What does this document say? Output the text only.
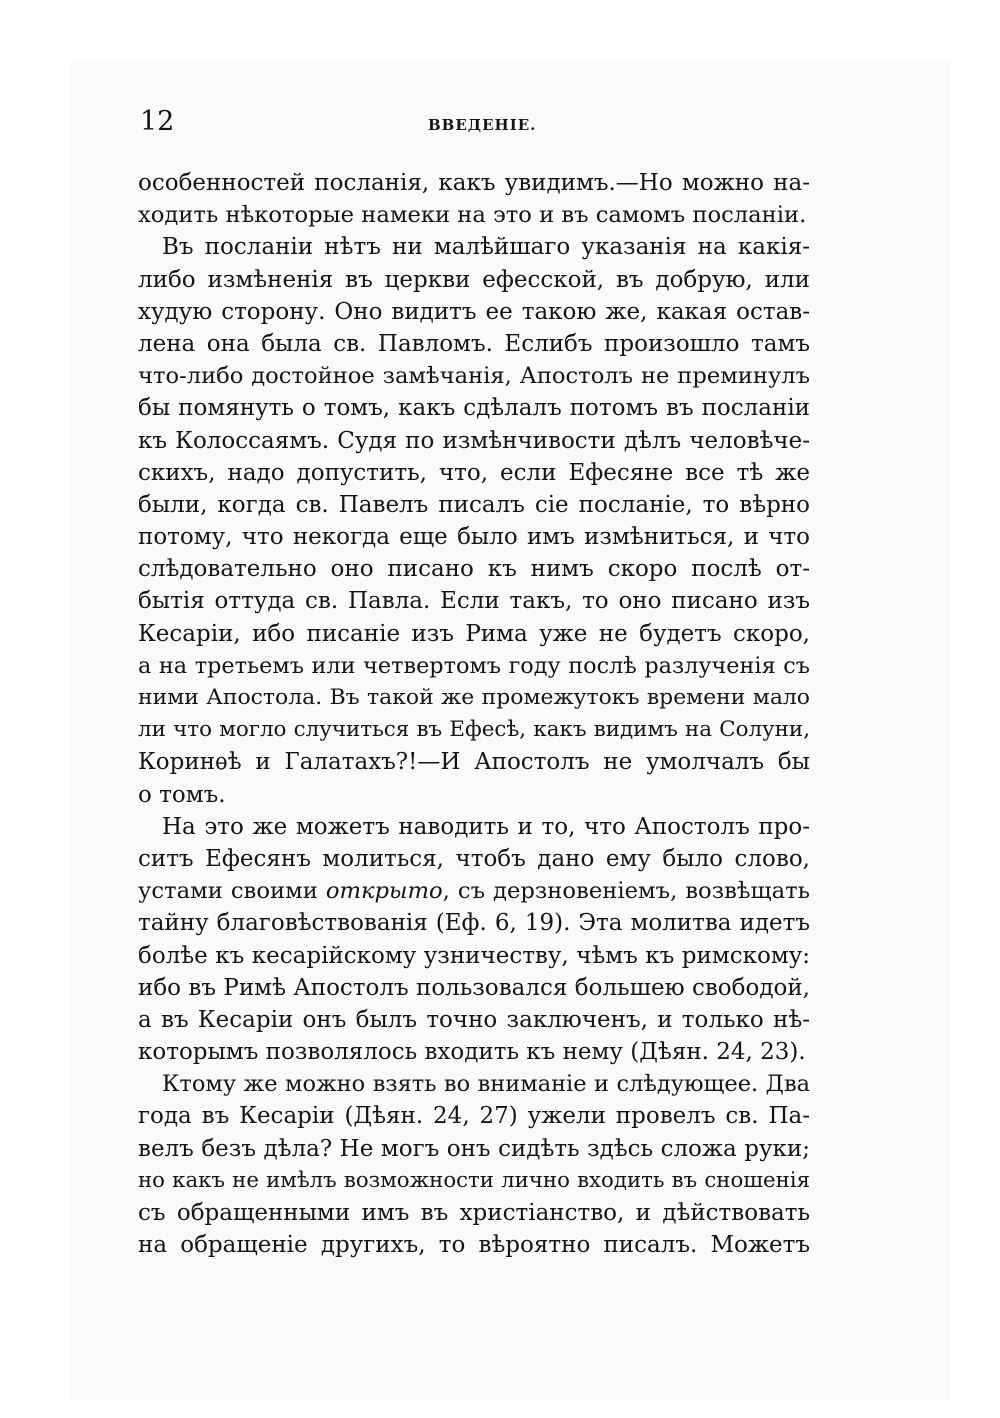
12	ВВЕДЕНІЕ.
особенностей посланія, какъ увидимъ.—Но можно на-
ходить нѣкоторые намеки на это и въ самомъ посланіи.
Въ посланіи нѣтъ ни малѣйшаго указанія на какія-
либо измѣненія въ церкви ефесской, въ добрую, или
худую сторону. Оно видитъ ее такою же, какая остав-
лена она была св. Павломъ. Еслибъ произошло тамъ
что-либо достойное замѣчанія, Апостолъ не преминулъ
бы помянуть о томъ, какъ сдѣлалъ потомъ въ посланіи
къ Колоссаямъ. Судя по измѣнчивости дѣлъ человѣче-
скихъ, надо допустить, что, если Ефесяне все тѣ же
были, когда св. Павелъ писалъ сіе посланіе, то вѣрно
потому, что некогда еще было имъ измѣниться, и что
слѣдовательно оно писано къ нимъ скоро послѣ от-
бытія оттуда св. Павла. Если такъ, то оно писано изъ
Кесаріи, ибо писаніе изъ Рима уже не будетъ скоро,
а на третьемъ или четвертомъ году послѣ разлученія съ
ними Апостола. Въ такой же промежутокъ времени мало
ли что могло случиться въ Ефесѣ, какъ видимъ на Солуни,
Коринѳѣ и Галатахъ?!—И Апостолъ не умолчалъ бы
о томъ.
На это же можетъ наводить и то, что Апостолъ про-
ситъ Ефесянъ молиться, чтобъ дано ему было слово,
устами своими открыто, съ дерзновеніемъ, возвѣщать
тайну благовѣствованія (Еф. 6, 19). Эта молитва идетъ
болѣе къ кесарійскому узничеству, чѣмъ къ римскому:
ибо въ Римѣ Апостолъ пользовался большею свободой,
а въ Кесаріи онъ былъ точно заключенъ, и только нѣ-
которымъ позволялось входить къ нему (Дѣян. 24, 23).
Ктому же можно взять во вниманіе и слѣдующее. Два
года въ Кесаріи (Дѣян. 24, 27) ужели провелъ св. Па-
велъ безъ дѣла? Не могъ онъ сидѣть здѣсь сложа руки;
но какъ не имѣлъ возможности лично входить въ сношенія
съ обращенными имъ въ христіанство, и дѣйствовать
на обращеніе другихъ, то вѣроятно писалъ. Можетъ
